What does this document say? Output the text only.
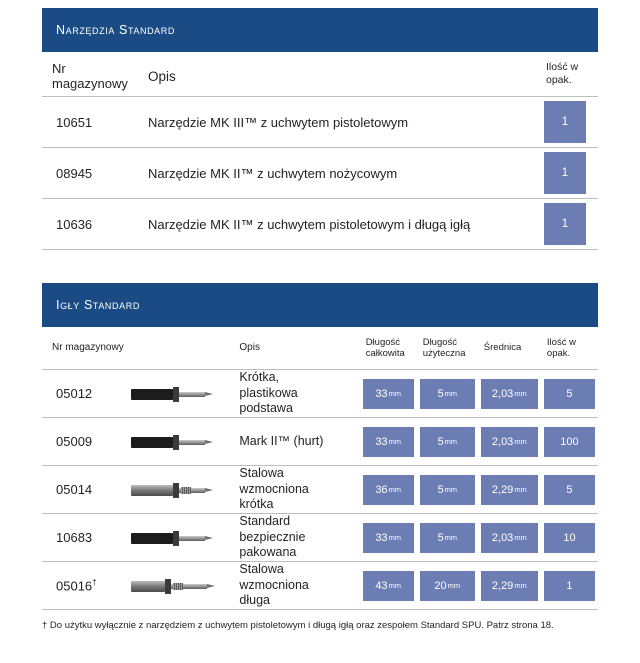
Narzędzia Standard
Nr magazynowy	Opis	Ilość w
opak.
10651	Narzędzie MK III™ z uchwytem pistoletowym	1

08945	Narzędzie MK II™ z uchwytem nożycowym	1

10636	Narzędzie MK II™ z uchwytem pistoletowym i długą igłą	1
Igły Standard
Nr magazynowy		Opis	Długość
całkowita	Długość
użyteczna	Średnica	Ilość w
opak.
05012		Krótka,
plastikowa
podstawa	33 mm	5 mm	2,03 mm	5

05009		Mark II™ (hurt)	33 mm	5 mm	2,03 mm	100

05014		Stalowa
wzmocniona
krótka	36 mm	5 mm	2,29 mm	5

10683		Standard
bezpiecznie
pakowana	33 mm	5 mm	2,03 mm	10

05016†		Stalowa
wzmocniona
długa	43 mm	20 mm	2,29 mm	1
† Do użytku wyłącznie z narzędziem z uchwytem pistoletowym i długą igłą oraz zespołem Standard SPU. Patrz strona 18.
